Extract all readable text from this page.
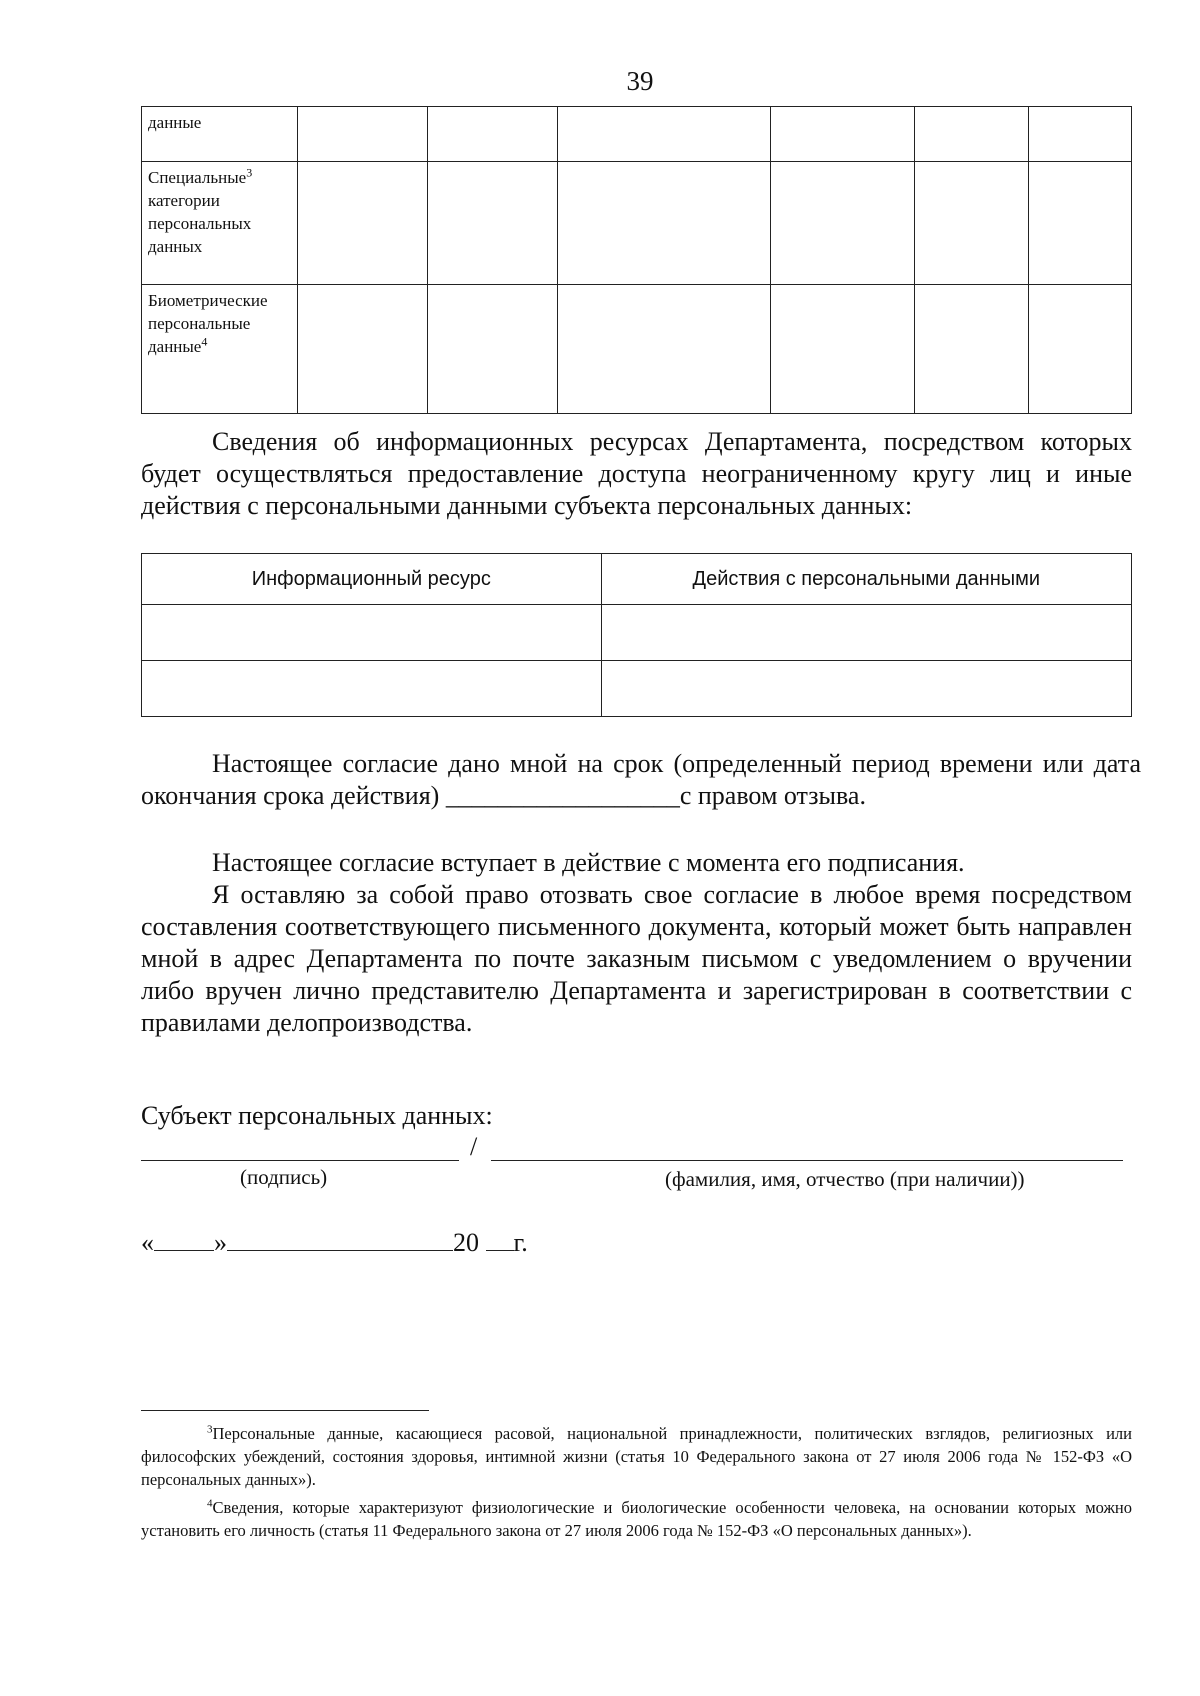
39
данные						
Специальные$^3$
категории персональных данных						
Биометрические персональные данные$^4$						
Сведения об информационных ресурсах Департамента, посредством которых будет осуществляться предоставление доступа неограниченному кругу лиц и иные действия с персональными данными субъекта персональных данных:
Информационный ресурс	Действия с персональными данными

Настоящее согласие дано мной на срок (определенный период времени или дата окончания срока действия) __________________с правом отзыва.
Настоящее согласие вступает в действие с момента его подписания.
Я оставляю за собой право отозвать свое согласие в любое время посредством составления соответствующего письменного документа, который может быть направлен мной в адрес Департамента по почте заказным письмом с уведомлением о вручении либо вручен лично представителю Департамента и зарегистрирован в соответствии с правилами делопроизводства.
Субъект персональных данных:
/
(подпись)	(фамилия, имя, отчество (при наличии))
« »	20 г.
$^3$Персональные данные, касающиеся расовой, национальной принадлежности, политических взглядов, религиозных или философских убеждений, состояния здоровья, интимной жизни (статья 10 Федерального закона от 27 июля 2006 года № 152-ФЗ «О персональных данных»).
$^4$Сведения, которые характеризуют физиологические и биологические особенности человека, на основании которых можно установить его личность (статья 11 Федерального закона от 27 июля 2006 года № 152-ФЗ «О персональных данных»).
